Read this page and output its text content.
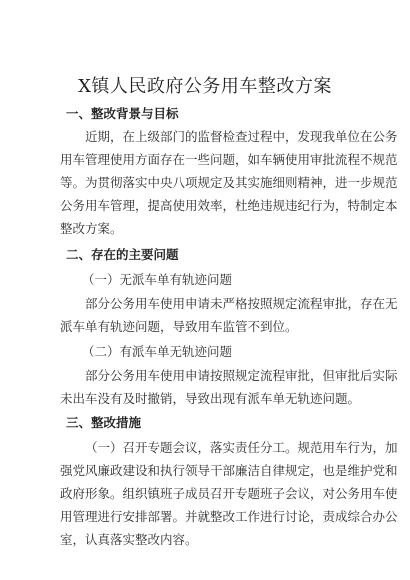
X镇人民政府公务用车整改方案
一、整改背景与目标
近期，在上级部门的监督检查过程中，发现我单位在公务
用车管理使用方面存在一些问题，如车辆使用审批流程不规范
等。为贯彻落实中央八项规定及其实施细则精神，进一步规范
公务用车管理，提高使用效率，杜绝违规违纪行为，特制定本
整改方案。
二、存在的主要问题
（一）无派车单有轨迹问题
部分公务用车使用申请未严格按照规定流程审批，存在无
派车单有轨迹问题，导致用车监管不到位。
（二）有派车单无轨迹问题
部分公务用车使用申请按照规定流程审批，但审批后实际
未出车没有及时撤销，导致出现有派车单无轨迹问题。
三、整改措施
（一）召开专题会议，落实责任分工。规范用车行为，加
强党风廉政建设和执行领导干部廉洁自律规定，也是维护党和
政府形象。组织镇班子成员召开专题班子会议，对公务用车使
用管理进行安排部署。并就整改工作进行讨论，责成综合办公
室，认真落实整改内容。
